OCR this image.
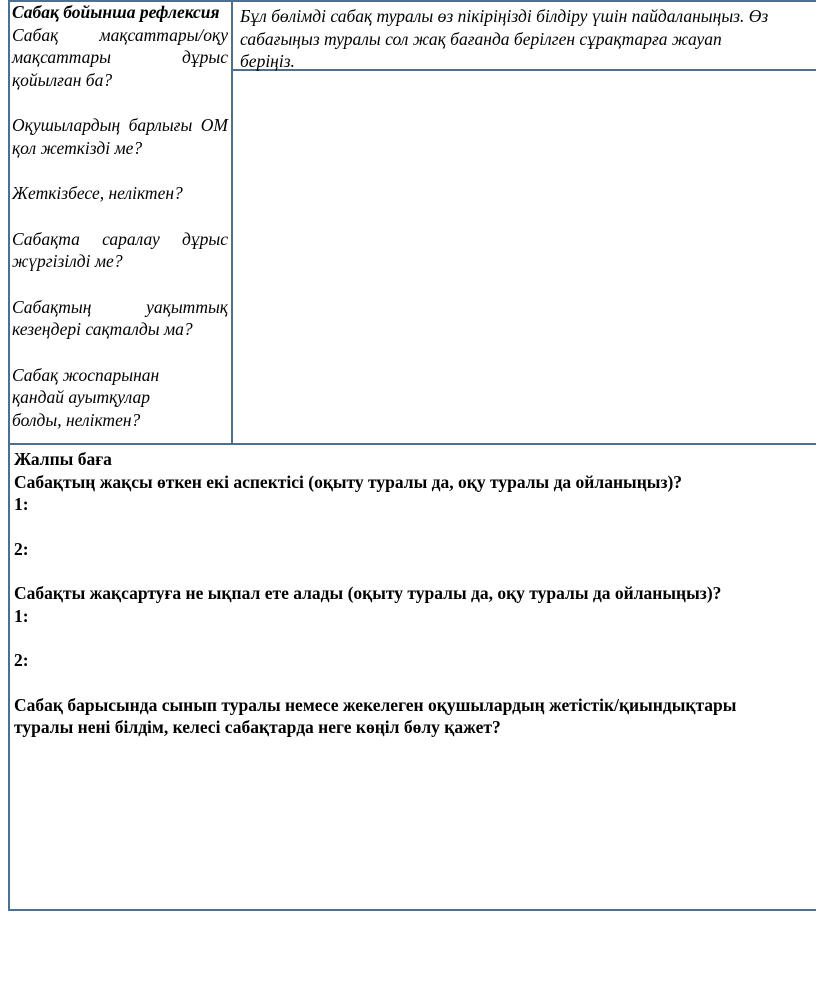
Сабақ бойынша рефлексия

Сабақ мақсаттары/оқу мақсаттары дұрыс қойылған ба?

Оқушылардың барлығы ОМ қол жеткізді ме?

Жеткізбесе, неліктен?

Сабақта саралау дұрыс жүргізілді ме?

Сабақтың уақыттық кезеңдері сақталды ма?

Сабақ жоспарынан қандай ауытқулар болды, неліктен?

Бұл бөлімді сабақ туралы өз пікіріңізді білдіру үшін пайдаланыңыз. Өз
сабағыңыз туралы сол жақ бағанда берілген сұрақтарға жауап
беріңіз.

Жалпы баға

Сабақтың жақсы өткен екі аспектісі (оқыту туралы да, оқу туралы да ойланыңыз)?

1:

2:

Сабақты жақсартуға не ықпал ете алады (оқыту туралы да, оқу туралы да ойланыңыз)?

1:

2:

Сабақ барысында сынып туралы немесе жекелеген оқушылардың жетістік/қиындықтары

туралы нені білдім, келесі сабақтарда неге көңіл бөлу қажет?
